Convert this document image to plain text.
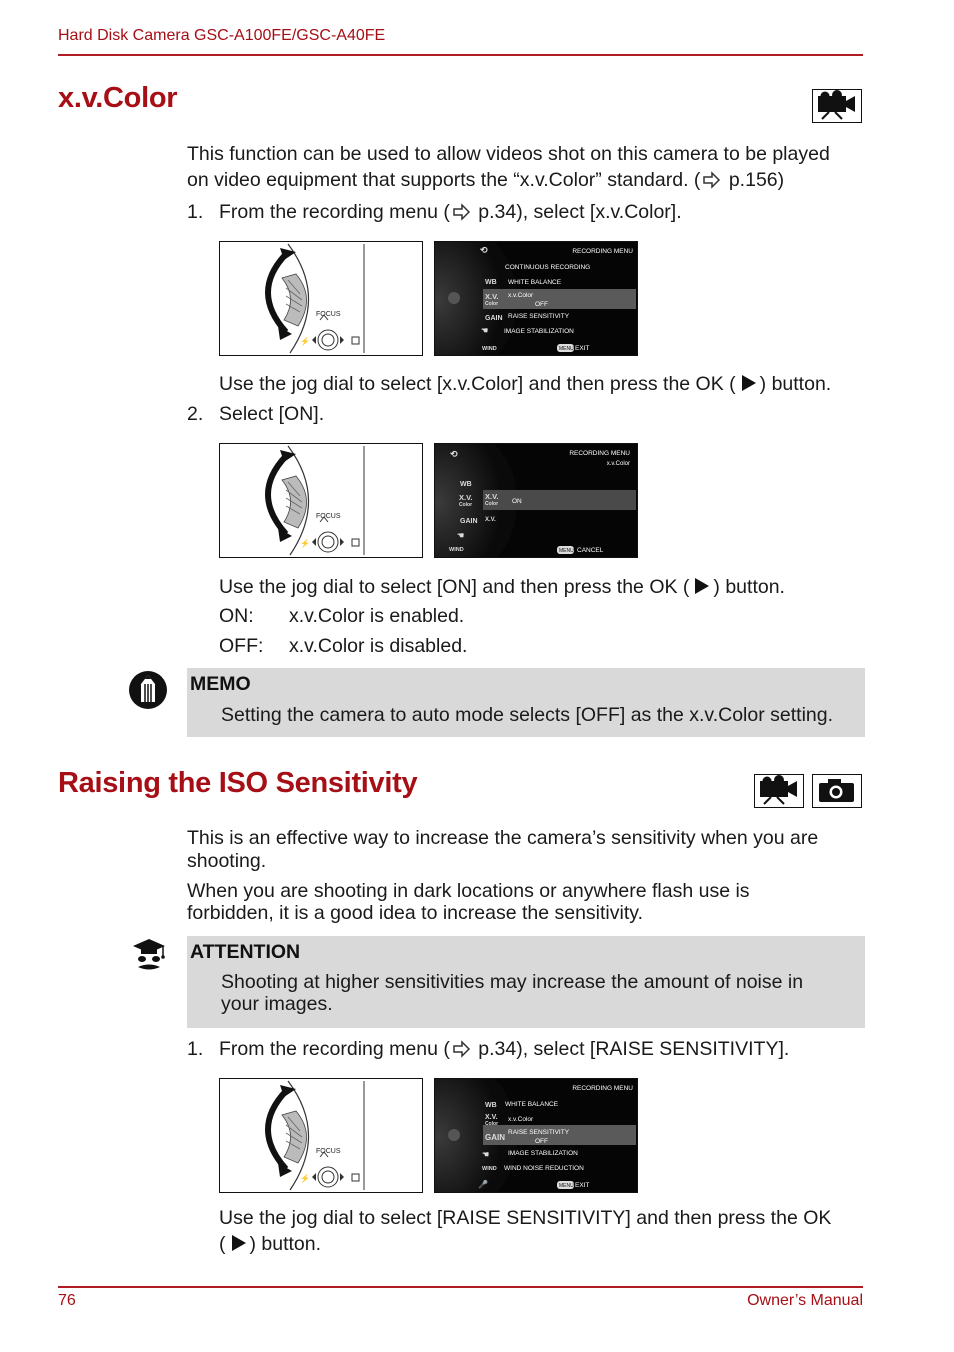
Hard Disk Camera GSC-A100FE/GSC-A40FE
x.v.Color
This function can be used to allow videos shot on this camera to be played
on video equipment that supports the “x.v.Color” standard. ( p.156)
1. From the recording menu ( p.34), select [x.v.Color].
FOCUS
⚡
RECORDING MENU
⟲
CONTINUOUS RECORDING
WB WHITE BALANCE
X.V.
Color
x.v.Color
OFF
GAIN RAISE SENSITIVITY
IMAGE STABILIZATION
☚
WIND	MENU EXIT
Use the jog dial to select [x.v.Color] and then press the OK ( ) button.
2. Select [ON].
FOCUS
⚡
RECORDING MENU
x.v.Color
⟲
WB
X.V.
Color
X.V.
Color ON
X.V.
GAIN
☚
WIND	MENU CANCEL
Use the jog dial to select [ON] and then press the OK ( ) button.
ON: x.v.Color is enabled.
OFF: x.v.Color is disabled.
MEMO
Setting the camera to auto mode selects [OFF] as the x.v.Color setting.
Raising the ISO Sensitivity
This is an effective way to increase the camera’s sensitivity when you are
shooting.
When you are shooting in dark locations or anywhere flash use is
forbidden, it is a good idea to increase the sensitivity.
ATTENTION
Shooting at higher sensitivities may increase the amount of noise in
your images.
1. From the recording menu ( p.34), select [RAISE SENSITIVITY].
FOCUS
⚡
RECORDING MENU
WB WHITE BALANCE
X.V.
Color
x.v.Color
GAIN
RAISE SENSITIVITY
OFF
☚	IMAGE STABILIZATION
WIND WIND NOISE REDUCTION
🎤	MENU EXIT
Use the jog dial to select [RAISE SENSITIVITY] and then press the OK
( ) button.
76	Owner’s Manual
